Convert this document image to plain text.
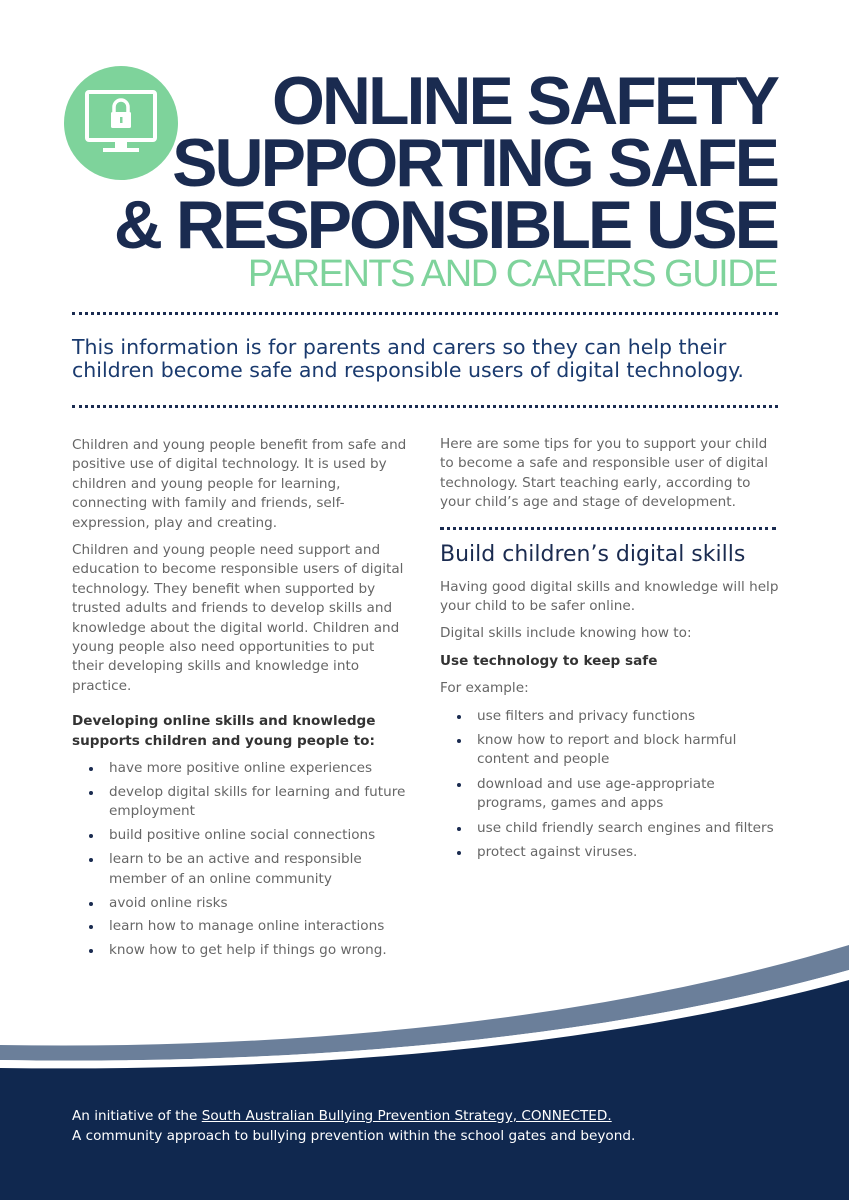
ONLINE SAFETY
SUPPORTING SAFE
& RESPONSIBLE USE
PARENTS AND CARERS GUIDE
This information is for parents and carers so they can help their children become safe and responsible users of digital technology.

Children and young people benefit from safe and positive use of digital technology. It is used by children and young people for learning, connecting with family and friends, self-expression, play and creating.

Children and young people need support and education to become responsible users of digital technology. They benefit when supported by trusted adults and friends to develop skills and knowledge about the digital world. Children and young people also need opportunities to put their developing skills and knowledge into practice.

Developing online skills and knowledge supports children and young people to:

have more positive online experiences
develop digital skills for learning and future employment
build positive online social connections
learn to be an active and responsible member of an online community
avoid online risks
learn how to manage online interactions
know how to get help if things go wrong.

Here are some tips for you to support your child to become a safe and responsible user of digital technology. Start teaching early, according to your child’s age and stage of development.

Build children’s digital skills

Having good digital skills and knowledge will help your child to be safer online.

Digital skills include knowing how to:

Use technology to keep safe

For example:

use filters and privacy functions
know how to report and block harmful content and people
download and use age-appropriate programs, games and apps
use child friendly search engines and filters
protect against viruses.
An initiative of the South Australian Bullying Prevention Strategy, CONNECTED.
A community approach to bullying prevention within the school gates and beyond.
